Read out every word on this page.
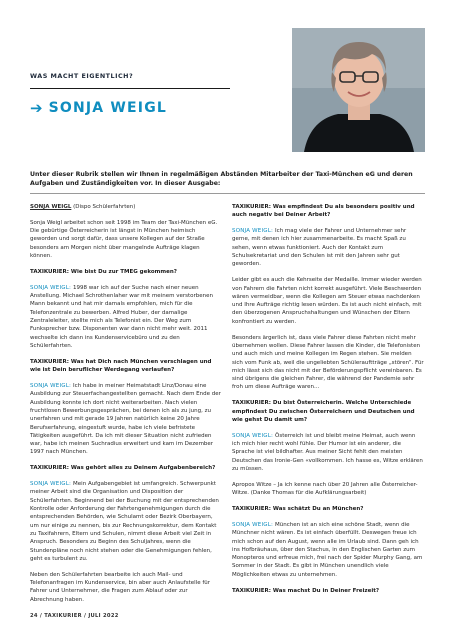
WAS MACHT EIGENTLICH?
➔ SONJA WEIGL
Unter dieser Rubrik stellen wir Ihnen in regelmäßigen Abständen Mitarbeiter der Taxi-München eG und deren Aufgaben und Zuständigkeiten vor. In dieser Ausgabe:

SONJA WEIGL (Dispo Schülerfahrten)

Sonja Weigl arbeitet schon seit 1998 im Team der Taxi-München eG. Die gebürtige Österreicherin ist längst in München heimisch geworden und sorgt dafür, dass unsere Kollegen auf der Straße besonders am Morgen nicht über mangelnde Aufträge klagen können.

TAXIKURIER: Wie bist Du zur TMEG gekommen?

SONJA WEIGL: 1998 war ich auf der Suche nach einer neuen Anstellung. Michael Schrothenlaher war mit meinem verstorbenen Mann bekannt und hat mir damals empfohlen, mich für die Telefonzentrale zu bewerben. Alfred Huber, der damalige Zentraleleiter, stellte mich als Telefonist ein. Der Weg zum Funksprecher bzw. Disponenten war dann nicht mehr weit. 2011 wechselte ich dann ins Kundenservicebüro und zu den Schülerfahrten.

TAXIKURIER: Was hat Dich nach München verschlagen und wie ist Dein beruflicher Werdegang verlaufen?

SONJA WEIGL: Ich habe in meiner Heimatstadt Linz/Donau eine Ausbildung zur Steuerfachangestellten gemacht. Nach dem Ende der Ausbildung konnte ich dort nicht weiterarbeiten. Nach vielen fruchtlosen Bewerbungsgesprächen, bei denen ich als zu jung, zu unerfahren und mit gerade 19 Jahren natürlich keine 20 Jahre Berufserfahrung, eingestuft wurde, habe ich viele befristete Tätigkeiten ausgeführt. Da ich mit dieser Situation nicht zufrieden war, habe ich meinen Suchradius erweitert und kam im Dezember 1997 nach München.

TAXIKURIER: Was gehört alles zu Deinem Aufgabenbereich?

SONJA WEIGL: Mein Aufgabengebiet ist umfangreich. Schwerpunkt meiner Arbeit sind die Organisation und Disposition der Schülerfahrten. Beginnend bei der Buchung mit der entsprechenden Kontrolle oder Anforderung der Fahrtengenehmigungen durch die entsprechenden Behörden, wie Schulamt oder Bezirk Oberbayern, um nur einige zu nennen, bis zur Rechnungskorrektur, dem Kontakt zu Taxifahrern, Eltern und Schulen, nimmt diese Arbeit viel Zeit in Anspruch. Besonders zu Beginn des Schuljahres, wenn die Stundenpläne noch nicht stehen oder die Genehmigungen fehlen, geht es turbulent zu.

Neben den Schülerfahrten bearbeite ich auch Mail- und Telefonanfragen im Kundenservice, bin aber auch Anlaufstelle für Fahrer und Unternehmer, die Fragen zum Ablauf oder zur Abrechnung haben.

TAXIKURIER: Was empfindest Du als besonders positiv und auch negativ bei Deiner Arbeit?

SONJA WEIGL: Ich mag viele der Fahrer und Unternehmer sehr gerne, mit denen ich hier zusammenarbeite. Es macht Spaß zu sehen, wenn etwas funktioniert. Auch der Kontakt zum Schulsekretariat und den Schulen ist mit den Jahren sehr gut geworden.

Leider gibt es auch die Kehrseite der Medaille. Immer wieder werden von Fahrern die Fahrten nicht korrekt ausgeführt. Viele Beschwerden wären vermeidbar, wenn die Kollegen am Steuer etwas nachdenken und Ihre Aufträge richtig lesen würden. Es ist auch nicht einfach, mit den überzogenen Anspruchshaltungen und Wünschen der Eltern konfrontiert zu werden.

Besonders ärgerlich ist, dass viele Fahrer diese Fahrten nicht mehr übernehmen wollen. Diese Fahrer lassen die Kinder, die Telefonisten und auch mich und meine Kollegen im Regen stehen. Sie melden sich vom Funk ab, weil die ungeliebten Schülerauftträge „stören“. Für mich lässt sich das nicht mit der Beförderungspflicht vereinbaren. Es sind übrigens die gleichen Fahrer, die während der Pandemie sehr froh um diese Aufträge waren…

TAXIKURIER: Du bist Österreicherin. Welche Unterschiede empfindest Du zwischen Österreichern und Deutschen und wie gehst Du damit um?

SONJA WEIGL: Österreich ist und bleibt meine Heimat, auch wenn ich mich hier recht wohl fühle. Der Humor ist ein anderer, die Sprache ist viel bildhafter. Aus meiner Sicht fehlt den meisten Deutschen das Ironie-Gen «vollkommen. Ich hasse es, Witze erklären zu müssen.

Apropos Witze – Ja ich kenne nach über 20 Jahren alle Österreicher-Witze. (Danke Thomas für die Aufklärungsarbeit)

TAXIKURIER: Was schätzt Du an München?

SONJA WEIGL: München ist an sich eine schöne Stadt, wenn die Münchner nicht wären. Es ist einfach überfüllt. Deswegen freue ich mich schon auf den August, wenn alle im Urlaub sind. Dann geh ich ins Hofbräuhaus, über den Stachus, in den Englischen Garten zum Monopteros und erfreue mich, frei nach der Spider Murphy Gang, am Sommer in der Stadt. Es gibt in München unendlich viele Möglichkeiten etwas zu unternehmen.

TAXIKURIER: Was machst Du in Deiner Freizeit?

24 / TAXIKURIER / JULI 2022
